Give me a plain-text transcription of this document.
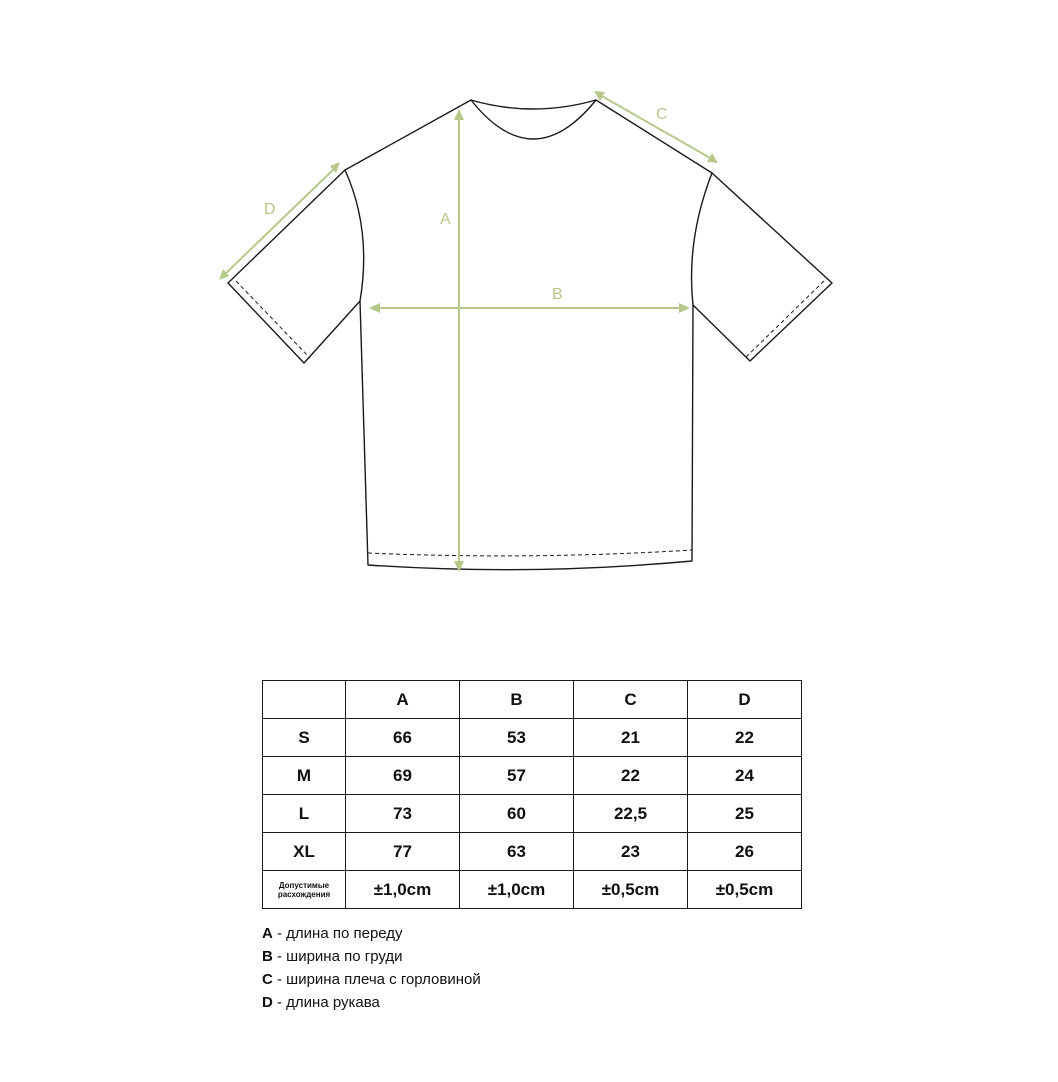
A
B
C
D
	A	B	C	D
S	66	53	21	22
M	69	57	22	24
L	73	60	22,5	25
XL	77	63	23	26
Допустимые
расхождения	±1,0cm	±1,0cm	±0,5cm	±0,5cm
A - длина по переду
B - ширина по груди
C - ширина плеча с горловиной
D - длина рукава
